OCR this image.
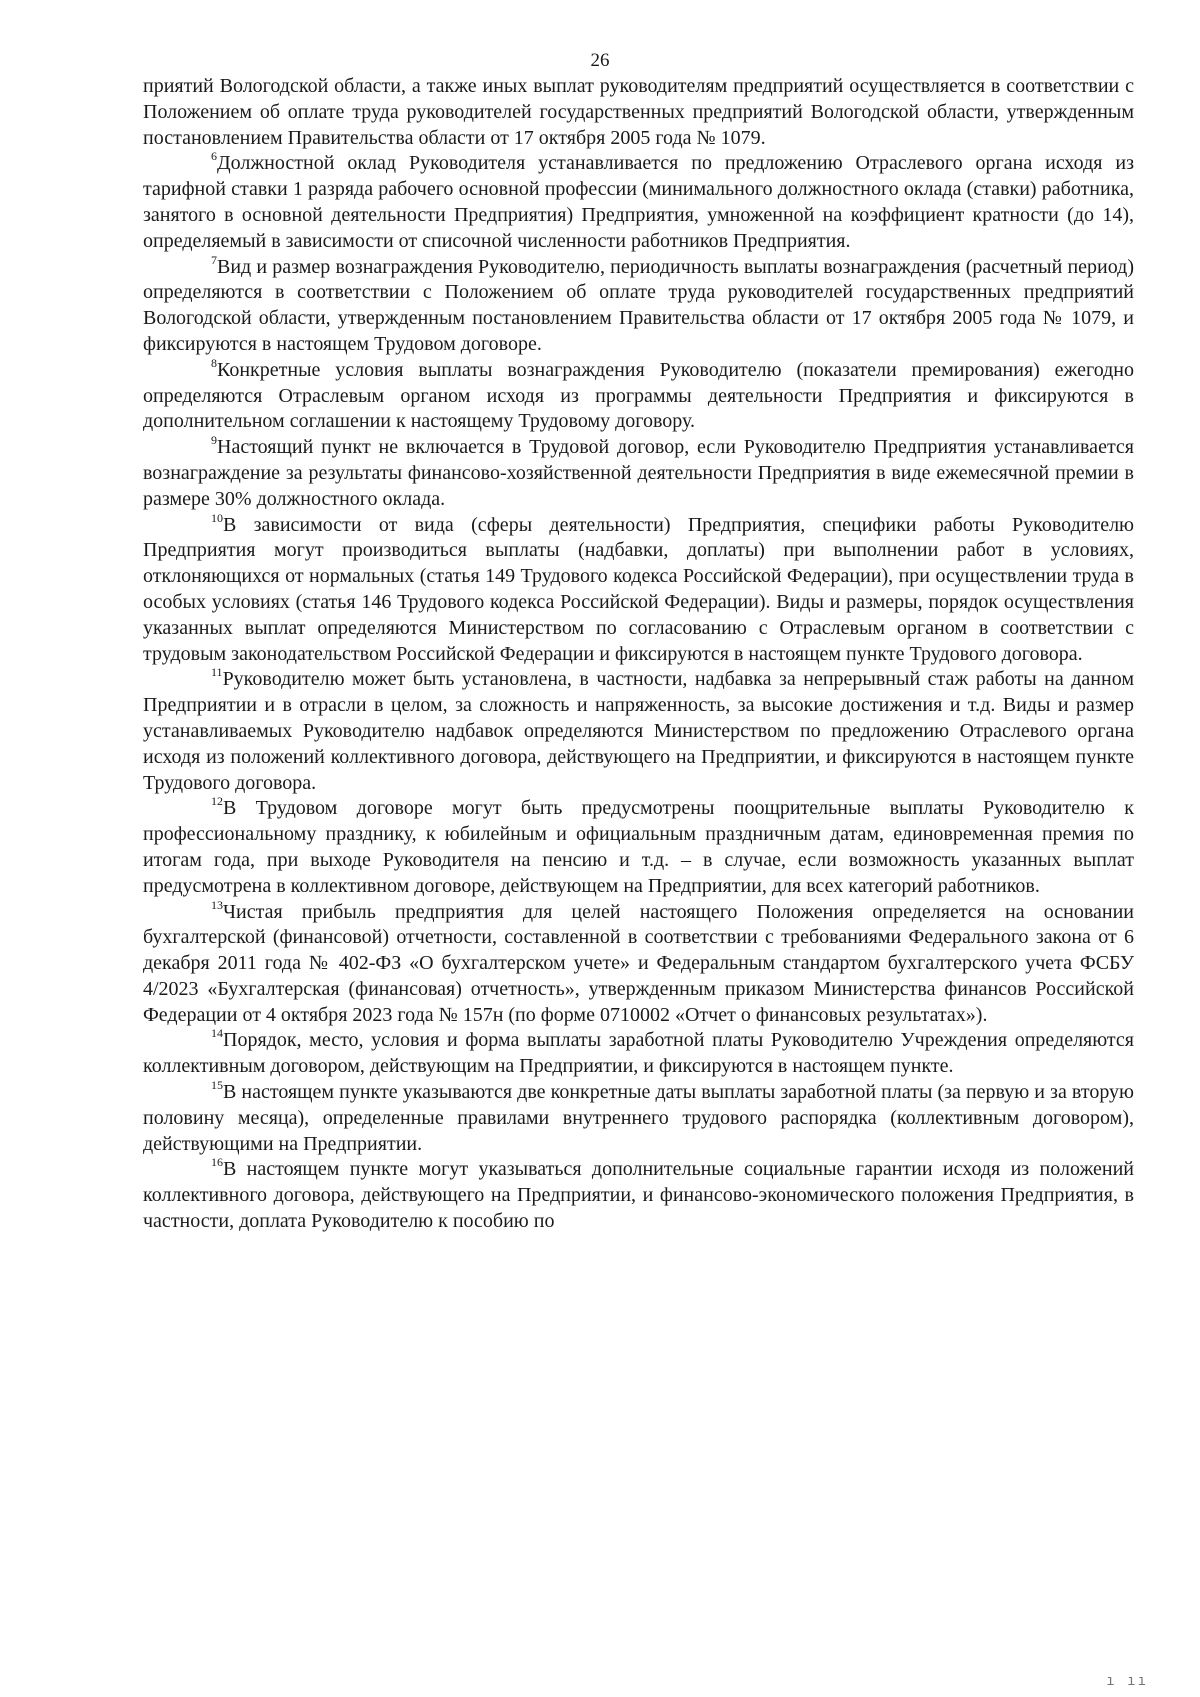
26

приятий Вологодской области, а также иных выплат руководителям предприятий осуществляется в соответствии с Положением об оплате труда руководителей государственных предприятий Вологодской области, утвержденным постановлением Правительства области от 17 октября 2005 года № 1079.

$^6$Должностной оклад Руководителя устанавливается по предложению Отраслевого органа исходя из тарифной ставки 1 разряда рабочего основной профессии (минимального должностного оклада (ставки) работника, занятого в основной деятельности Предприятия) Предприятия, умноженной на коэффициент кратности (до 14), определяемый в зависимости от списочной численности работников Предприятия.

$^7$Вид и размер вознаграждения Руководителю, периодичность выплаты вознаграждения (расчетный период) определяются в соответствии с Положением об оплате труда руководителей государственных предприятий Вологодской области, утвержденным постановлением Правительства области от 17 октября 2005 года № 1079, и фиксируются в настоящем Трудовом договоре.

$^8$Конкретные условия выплаты вознаграждения Руководителю (показатели премирования) ежегодно определяются Отраслевым органом исходя из программы деятельности Предприятия и фиксируются в дополнительном соглашении к настоящему Трудовому договору.

$^9$Настоящий пункт не включается в Трудовой договор, если Руководителю Предприятия устанавливается вознаграждение за результаты финансово-хозяйственной деятельности Предприятия в виде ежемесячной премии в размере 30% должностного оклада.

$^{10}$В зависимости от вида (сферы деятельности) Предприятия, специфики работы Руководителю Предприятия могут производиться выплаты (надбавки, доплаты) при выполнении работ в условиях, отклоняющихся от нормальных (статья 149 Трудового кодекса Российской Федерации), при осуществлении труда в особых условиях (статья 146 Трудового кодекса Российской Федерации). Виды и размеры, порядок осуществления указанных выплат определяются Министерством по согласованию с Отраслевым органом в соответствии с трудовым законодательством Российской Федерации и фиксируются в настоящем пункте Трудового договора.

$^{11}$Руководителю может быть установлена, в частности, надбавка за непрерывный стаж работы на данном Предприятии и в отрасли в целом, за сложность и напряженность, за высокие достижения и т.д. Виды и размер устанавливаемых Руководителю надбавок определяются Министерством по предложению Отраслевого органа исходя из положений коллективного договора, действующего на Предприятии, и фиксируются в настоящем пункте Трудового договора.

$^{12}$В Трудовом договоре могут быть предусмотрены поощрительные выплаты Руководителю к профессиональному празднику, к юбилейным и официальным праздничным датам, единовременная премия по итогам года, при выходе Руководителя на пенсию и т.д. – в случае, если возможность указанных выплат предусмотрена в коллективном договоре, действующем на Предприятии, для всех категорий работников.

$^{13}$Чистая прибыль предприятия для целей настоящего Положения определяется на основании бухгалтерской (финансовой) отчетности, составленной в соответствии с требованиями Федерального закона от 6 декабря 2011 года № 402-ФЗ «О бухгалтерском учете» и Федеральным стандартом бухгалтерского учета ФСБУ 4/2023 «Бухгалтерская (финансовая) отчетность», утвержденным приказом Министерства финансов Российской Федерации от 4 октября 2023 года № 157н (по форме 0710002 «Отчет о финансовых результатах»).

$^{14}$Порядок, место, условия и форма выплаты заработной платы Руководителю Учреждения определяются коллективным договором, действующим на Предприятии, и фиксируются в настоящем пункте.

$^{15}$В настоящем пункте указываются две конкретные даты выплаты заработной платы (за первую и за вторую половину месяца), определенные правилами внутреннего трудового распорядка (коллективным договором), действующими на Предприятии.

$^{16}$В настоящем пункте могут указываться дополнительные социальные гарантии исходя из положений коллективного договора, действующего на Предприятии, и финансово-экономического положения Предприятия, в частности, доплата Руководителю к пособию по

ı ıı
